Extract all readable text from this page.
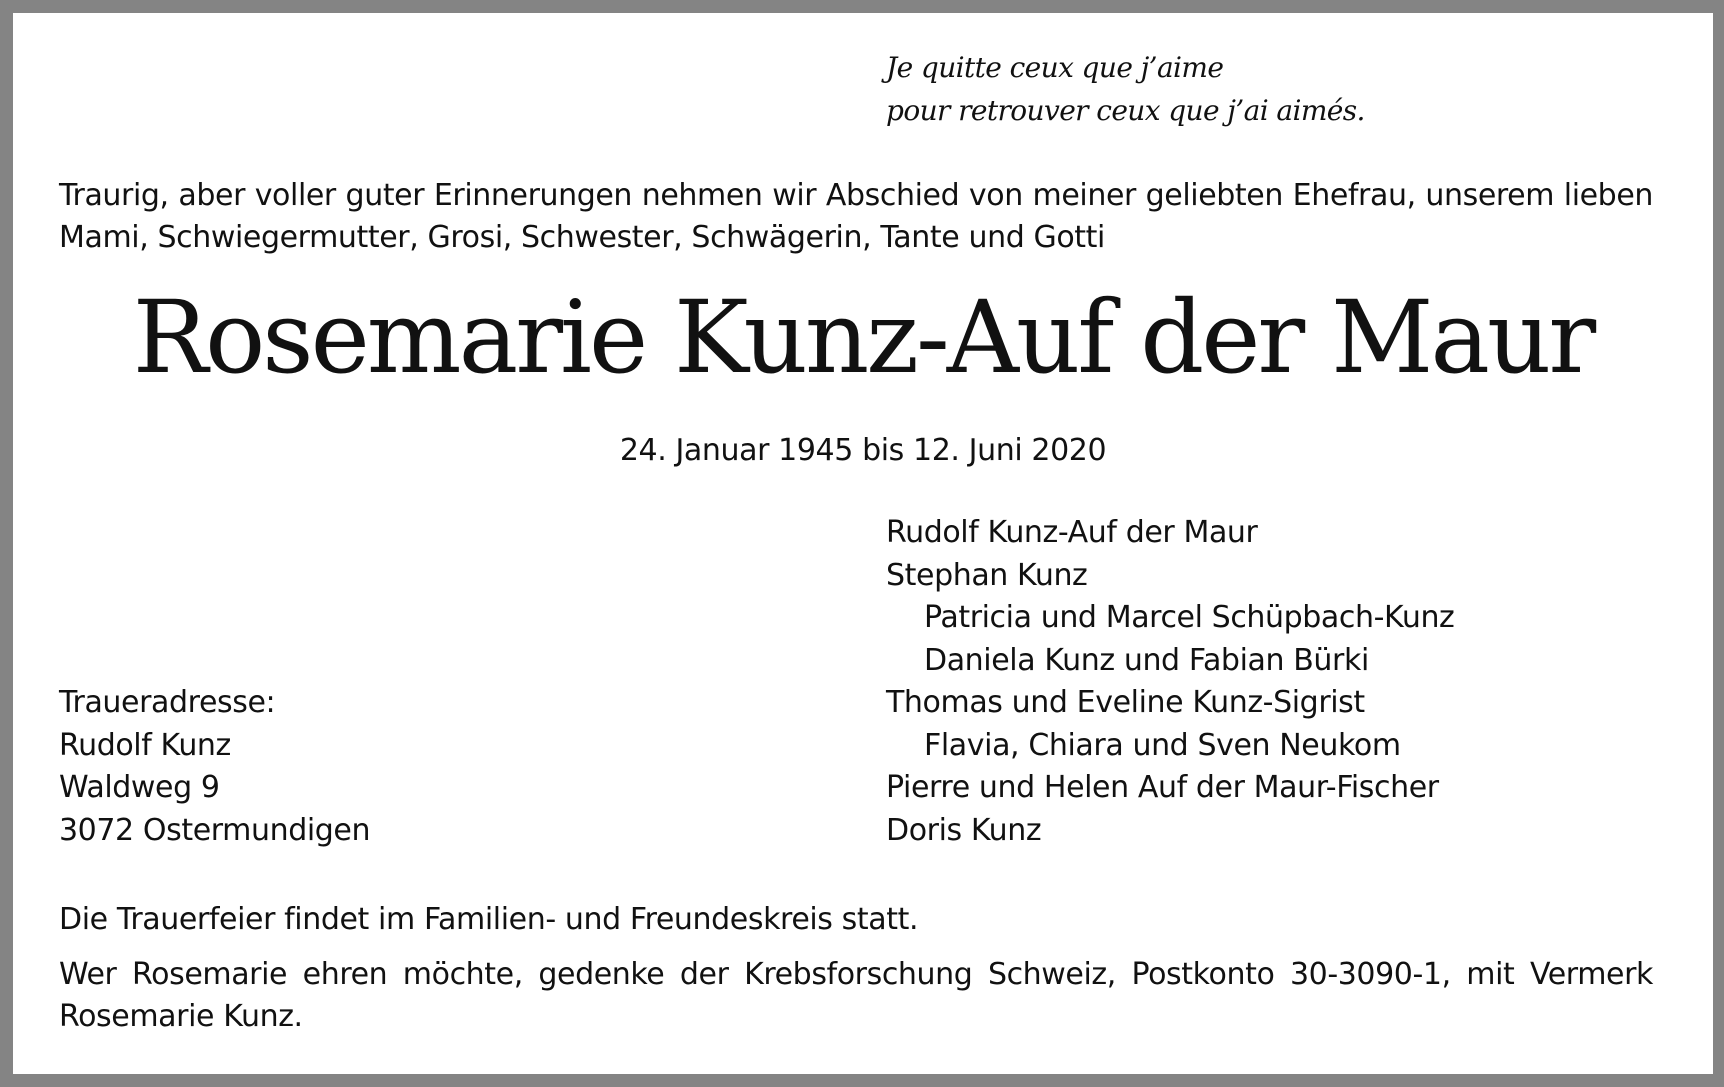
Je quitte ceux que j’aime
pour retrouver ceux que j’ai aimés.
Traurig, aber voller guter Erinnerungen nehmen wir Abschied von meiner geliebten Ehefrau, unserem lieben Mami, Schwiegermutter, Grosi, Schwester, Schwägerin, Tante und Gotti
Rosemarie Kunz-Auf der Maur
24. Januar 1945 bis 12. Juni 2020
Rudolf Kunz-Auf der Maur
Stephan Kunz
Patricia und Marcel Schüpbach-Kunz
Daniela Kunz und Fabian Bürki
Thomas und Eveline Kunz-Sigrist
Flavia, Chiara und Sven Neukom
Pierre und Helen Auf der Maur-Fischer
Doris Kunz
Traueradresse:
Rudolf Kunz
Waldweg 9
3072 Ostermundigen
Die Trauerfeier findet im Familien- und Freundeskreis statt.
Wer Rosemarie ehren möchte, gedenke der Krebsforschung Schweiz, Postkonto 30-3090-1, mit Vermerk Rosemarie Kunz.
